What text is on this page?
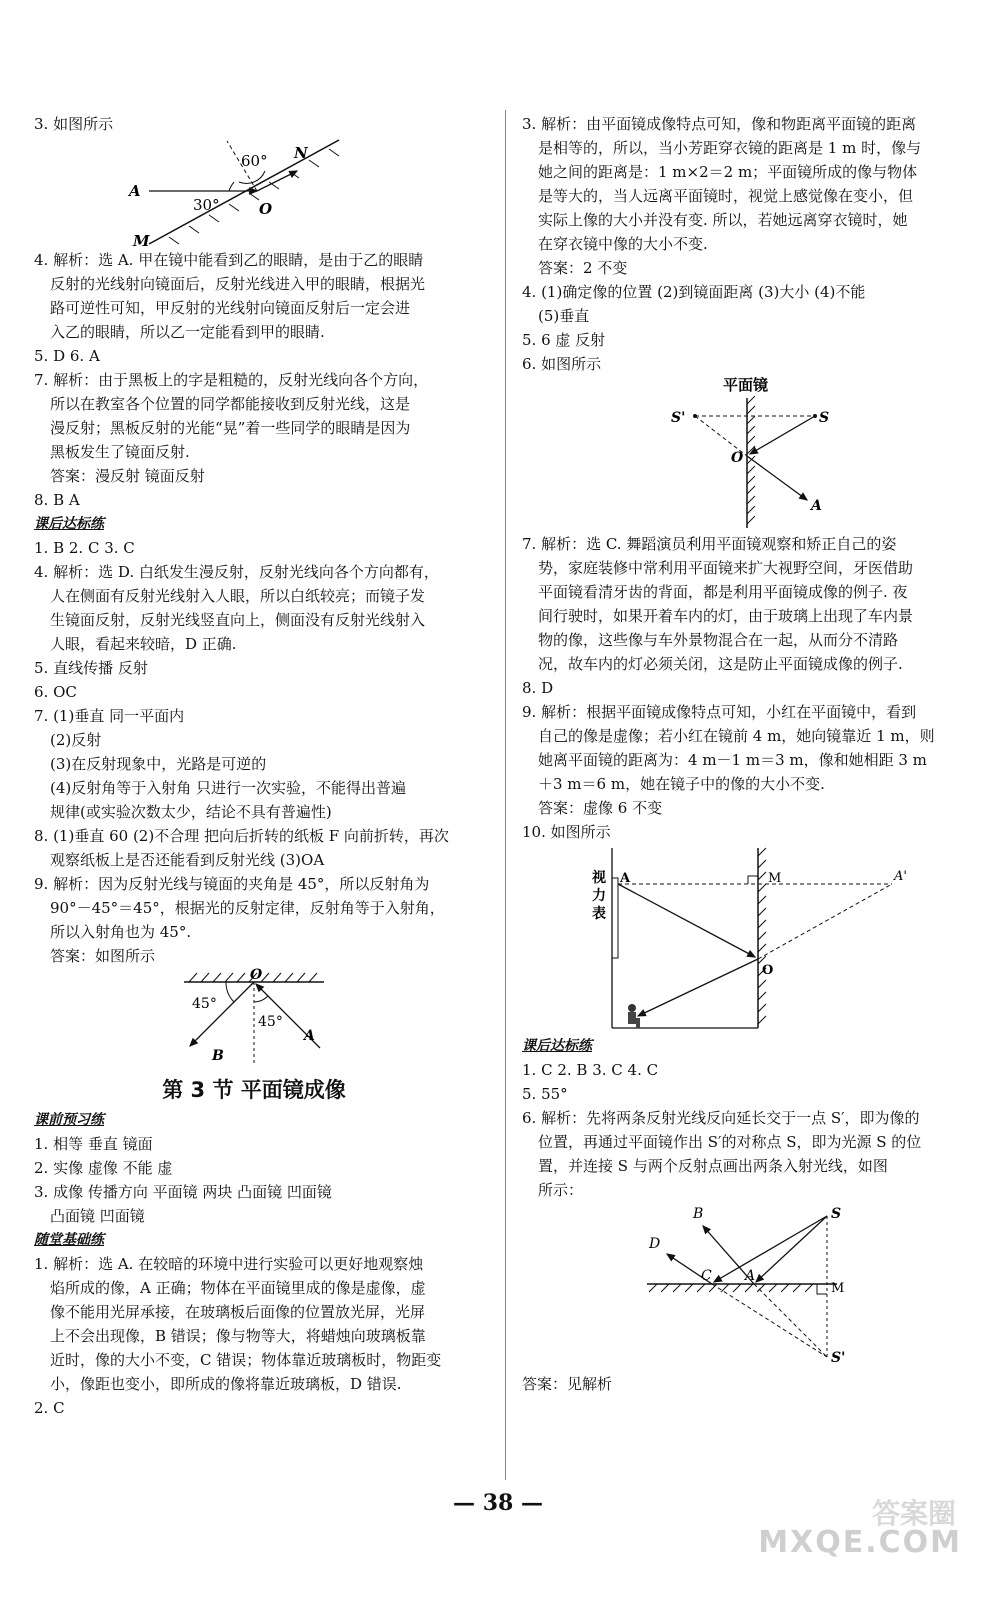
3. 如图所示

A
M
O
N
30°
60°

4. 解析：选 A. 甲在镜中能看到乙的眼睛，是由于乙的眼睛

反射的光线射向镜面后，反射光线进入甲的眼睛，根据光

路可逆性可知，甲反射的光线射向镜面反射后一定会进

入乙的眼睛，所以乙一定能看到甲的眼睛.

5. D 6. A

7. 解析：由于黑板上的字是粗糙的，反射光线向各个方向，

所以在教室各个位置的同学都能接收到反射光线，这是

漫反射；黑板反射的光能“晃”着一些同学的眼睛是因为

黑板发生了镜面反射.

答案：漫反射 镜面反射

8. B A

课后达标练

1. B 2. C 3. C

4. 解析：选 D. 白纸发生漫反射，反射光线向各个方向都有，

人在侧面有反射光线射入人眼，所以白纸较亮；而镜子发

生镜面反射，反射光线竖直向上，侧面没有反射光线射入

人眼，看起来较暗，D 正确.

5. 直线传播 反射

6. OC

7. (1)垂直 同一平面内

(2)反射

(3)在反射现象中，光路是可逆的

(4)反射角等于入射角 只进行一次实验，不能得出普遍

规律(或实验次数太少，结论不具有普遍性)

8. (1)垂直 60 (2)不合理 把向后折转的纸板 F 向前折转，再次

观察纸板上是否还能看到反射光线 (3)OA

9. 解析：因为反射光线与镜面的夹角是 45°，所以反射角为

90°－45°＝45°，根据光的反射定律，反射角等于入射角，

所以入射角也为 45°.

答案：如图所示

O
A
B
45°
45°

第 3 节 平面镜成像

课前预习练

1. 相等 垂直 镜面

2. 实像 虚像 不能 虚

3. 成像 传播方向 平面镜 两块 凸面镜 凹面镜

凸面镜 凹面镜

随堂基础练

1. 解析：选 A. 在较暗的环境中进行实验可以更好地观察烛

焰所成的像，A 正确；物体在平面镜里成的像是虚像，虚

像不能用光屏承接，在玻璃板后面像的位置放光屏，光屏

上不会出现像，B 错误；像与物等大，将蜡烛向玻璃板靠

近时，像的大小不变，C 错误；物体靠近玻璃板时，物距变

小，像距也变小，即所成的像将靠近玻璃板，D 错误.

2. C

3. 解析：由平面镜成像特点可知，像和物距离平面镜的距离

是相等的，所以，当小芳距穿衣镜的距离是 1 m 时，像与

她之间的距离是：1 m×2＝2 m；平面镜所成的像与物体

是等大的，当人远离平面镜时，视觉上感觉像在变小，但

实际上像的大小并没有变. 所以，若她远离穿衣镜时，她

在穿衣镜中像的大小不变.

答案：2 不变

4. (1)确定像的位置 (2)到镜面距离 (3)大小 (4)不能

(5)垂直

5. 6 虚 反射

6. 如图所示

平面镜
S'	S
O
A

7. 解析：选 C. 舞蹈演员利用平面镜观察和矫正自己的姿

势，家庭装修中常利用平面镜来扩大视野空间，牙医借助

平面镜看清牙齿的背面，都是利用平面镜成像的例子. 夜

间行驶时，如果开着车内的灯，由于玻璃上出现了车内景

物的像，这些像与车外景物混合在一起，从而分不清路

况，故车内的灯必须关闭，这是防止平面镜成像的例子.

8. D

9. 解析：根据平面镜成像特点可知，小红在平面镜中，看到

自己的像是虚像；若小红在镜前 4 m，她向镜靠近 1 m，则

她离平面镜的距离为：4 m－1 m＝3 m，像和她相距 3 m

＋3 m＝6 m，她在镜子中的像的大小不变.

答案：虚像 6 不变

10. 如图所示

视
力
表
A	M	A'
O

课后达标练

1. C 2. B 3. C 4. C

5. 55°

6. 解析：先将两条反射光线反向延长交于一点 S′，即为像的

位置，再通过平面镜作出 S′的对称点 S，即为光源 S 的位

置，并连接 S 与两个反射点画出两条入射光线，如图

所示：

B
D
C A
S
M
S'

答案：见解析

— 38 —	答案圈
MXQE.COM
